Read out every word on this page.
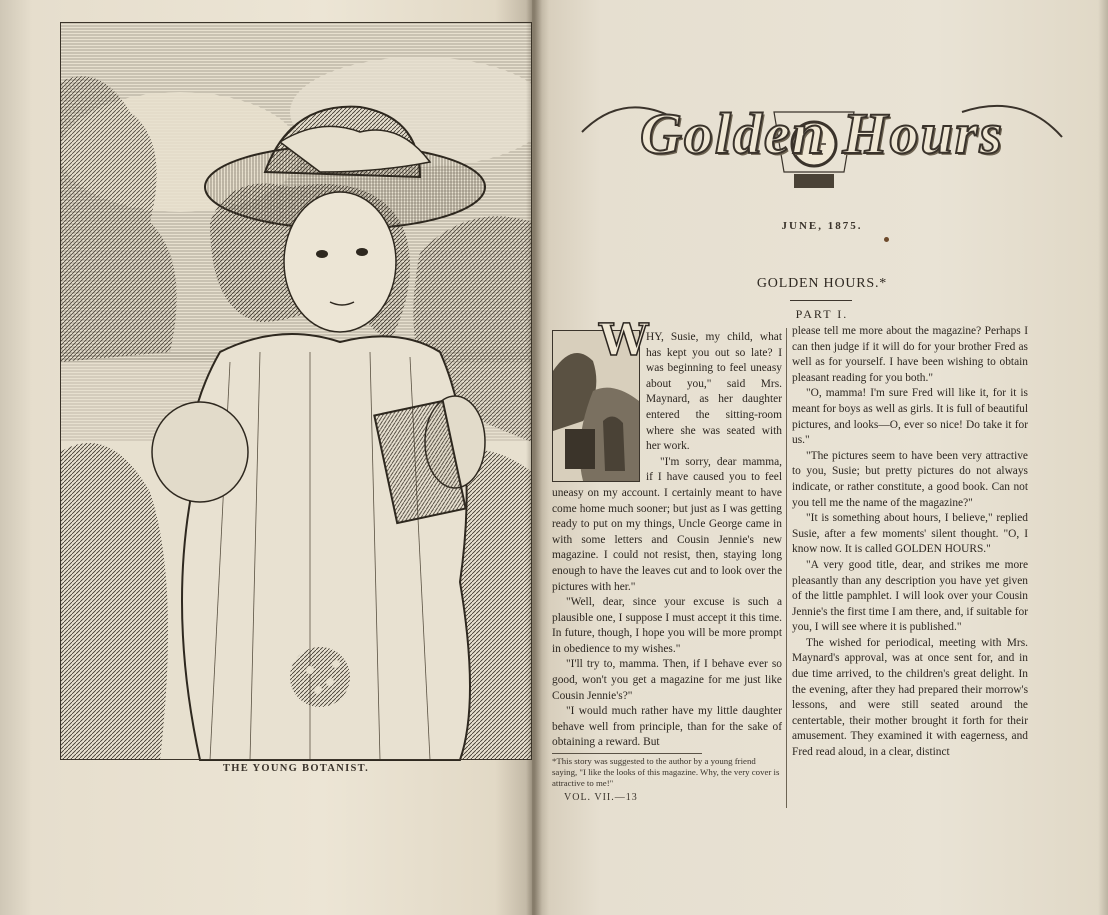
THE YOUNG BOTANIST.
Golden Hours
JUNE, 1875.
GOLDEN HOURS.*
PART I.
W

HY, Susie, my child, what has kept you out so late? I was beginning to feel uneasy about you," said Mrs. Maynard, as her daughter entered the sitting-room where she was seated with her work.

"I'm sorry, dear mamma, if I have caused you to feel uneasy on my account. I certainly meant to have come home much sooner; but just as I was getting ready to put on my things, Uncle George came in with some letters and Cousin Jennie's new magazine. I could not resist, then, staying long enough to have the leaves cut and to look over the pictures with her."

"Well, dear, since your excuse is such a plausible one, I suppose I must accept it this time. In future, though, I hope you will be more prompt in obedience to my wishes."

"I'll try to, mamma. Then, if I behave ever so good, won't you get a magazine for me just like Cousin Jennie's?"

"I would much rather have my little daughter behave well from principle, than for the sake of obtaining a reward. But

please tell me more about the magazine? Perhaps I can then judge if it will do for your brother Fred as well as for yourself. I have been wishing to obtain pleasant reading for you both."

"O, mamma! I'm sure Fred will like it, for it is meant for boys as well as girls. It is full of beautiful pictures, and looks—O, ever so nice! Do take it for us."

"The pictures seem to have been very attractive to you, Susie; but pretty pictures do not always indicate, or rather constitute, a good book. Can not you tell me the name of the magazine?"

"It is something about hours, I believe," replied Susie, after a few moments' silent thought. "O, I know now. It is called GOLDEN HOURS."

"A very good title, dear, and strikes me more pleasantly than any description you have yet given of the little pamphlet. I will look over your Cousin Jennie's the first time I am there, and, if suitable for you, I will see where it is published."

The wished for periodical, meeting with Mrs. Maynard's approval, was at once sent for, and in due time arrived, to the children's great delight. In the evening, after they had prepared their morrow's lessons, and were still seated around the centertable, their mother brought it forth for their amusement. They examined it with eagerness, and Fred read aloud, in a clear, distinct

*This story was suggested to the author by a young friend saying, "I like the looks of this magazine. Why, the very cover is attractive to me!"
VOL. VII.—13
